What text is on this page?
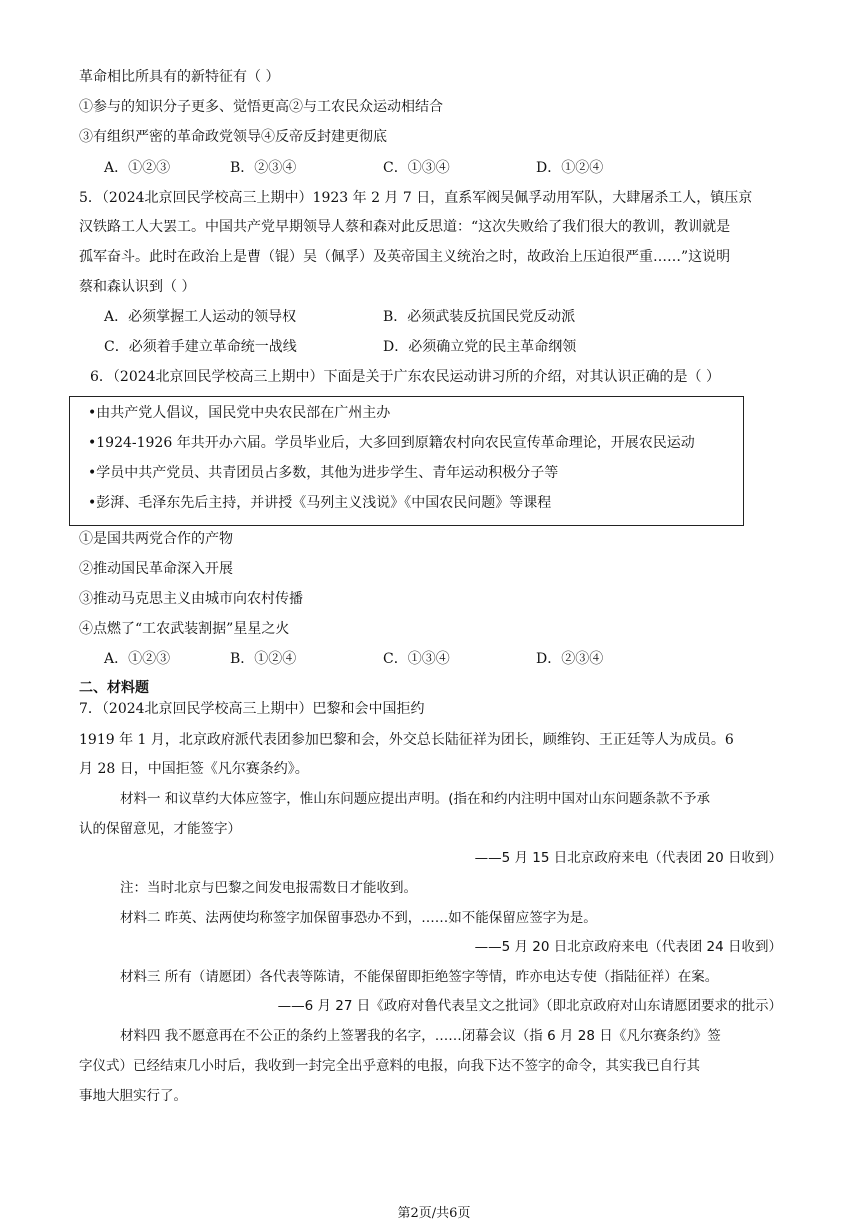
革命相比所具有的新特征有（ ）
①参与的知识分子更多、觉悟更高②与工农民众运动相结合
③有组织严密的革命政党领导④反帝反封建更彻底
A．①②③	B．②③④	C．①③④	D．①②④
5．（2024北京回民学校高三上期中）1923 年 2 月 7 日，直系军阀吴佩孚动用军队，大肆屠杀工人，镇压京
汉铁路工人大罢工。中国共产党早期领导人蔡和森对此反思道：“这次失败给了我们很大的教训，教训就是
孤军奋斗。此时在政治上是曹（锟）吴（佩孚）及英帝国主义统治之时，故政治上压迫很严重……”这说明
蔡和森认识到（ ）
A．必须掌握工人运动的领导权	B．必须武装反抗国民党反动派
C．必须着手建立革命统一战线	D．必须确立党的民主革命纲领
6．（2024北京回民学校高三上期中）下面是关于广东农民运动讲习所的介绍，对其认识正确的是（ ）
•由共产党人倡议，国民党中央农民部在广州主办
•1924-1926 年共开办六届。学员毕业后，大多回到原籍农村向农民宣传革命理论，开展农民运动
•学员中共产党员、共青团员占多数，其他为进步学生、青年运动积极分子等
•彭湃、毛泽东先后主持，并讲授《马列主义浅说》《中国农民问题》等课程
①是国共两党合作的产物
②推动国民革命深入开展
③推动马克思主义由城市向农村传播
④点燃了“工农武装割据”星星之火
A．①②③	B．①②④	C．①③④	D．②③④
二、材料题
7．（2024北京回民学校高三上期中）巴黎和会中国拒约
1919 年 1 月，北京政府派代表团参加巴黎和会，外交总长陆征祥为团长，顾维钧、王正廷等人为成员。6
月 28 日，中国拒签《凡尔赛条约》。
材料一 和议草约大体应签字，惟山东问题应提出声明。(指在和约内注明中国对山东问题条款不予承
认的保留意见，才能签字）
——5 月 15 日北京政府来电（代表团 20 日收到）
注：当时北京与巴黎之间发电报需数日才能收到。
材料二 昨英、法两使均称签字加保留事恐办不到，……如不能保留应签字为是。
——5 月 20 日北京政府来电（代表团 24 日收到）
材料三 所有（请愿团）各代表等陈请，不能保留即拒绝签字等情，昨亦电达专使（指陆征祥）在案。
——6 月 27 日《政府对鲁代表呈文之批词》（即北京政府对山东请愿团要求的批示）
材料四 我不愿意再在不公正的条约上签署我的名字，……闭幕会议（指 6 月 28 日《凡尔赛条约》签
字仪式）已经结束几小时后，我收到一封完全出乎意料的电报，向我下达不签字的命令，其实我已自行其
事地大胆实行了。
第2页/共6页
